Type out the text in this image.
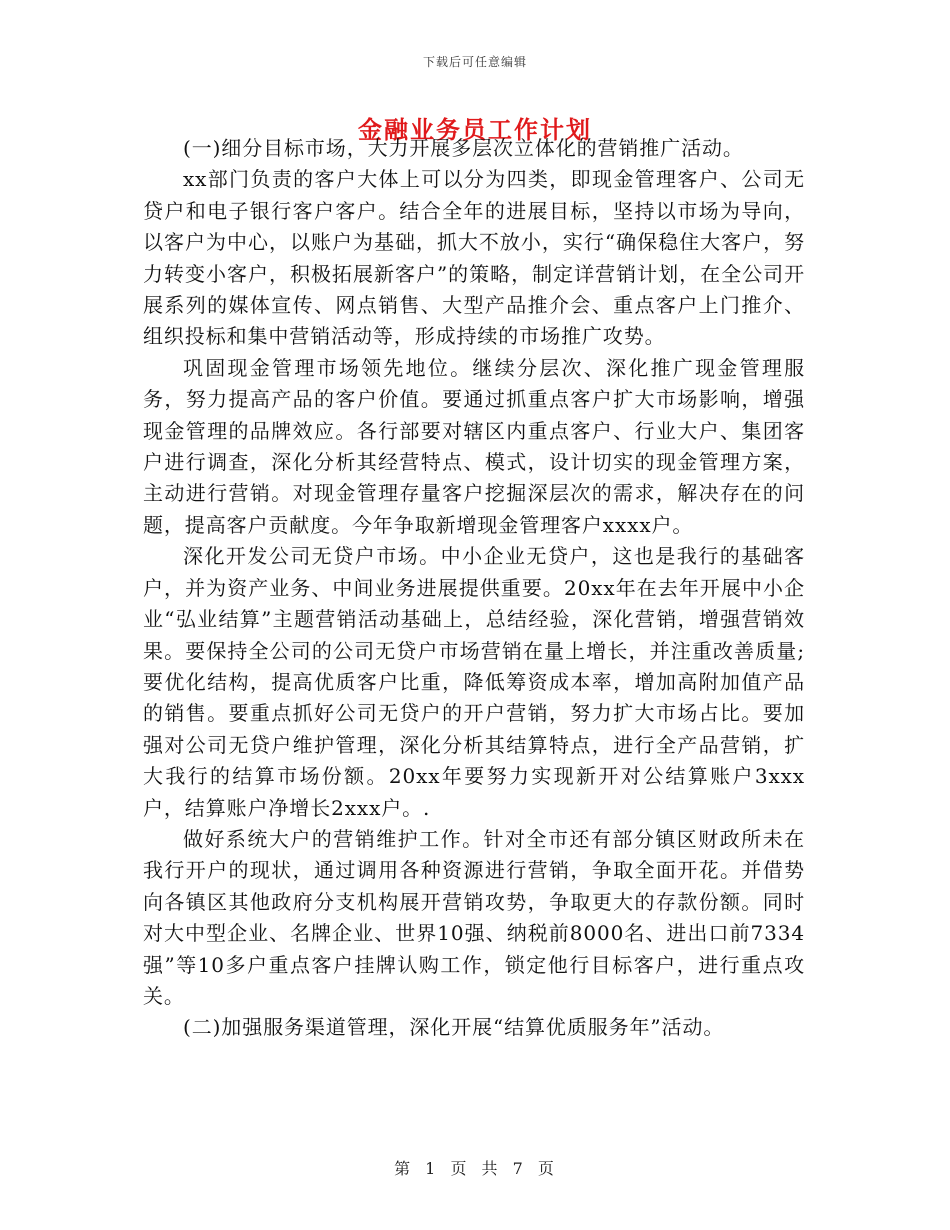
下载后可任意编辑
金融业务员工作计划

(一)细分目标市场，大力开展多层次立体化的营销推广活动。

xx部门负责的客户大体上可以分为四类，即现金管理客户、公司无贷户和电子银行客户客户。结合全年的进展目标，坚持以市场为导向，以客户为中心，以账户为基础，抓大不放小，实行“确保稳住大客户，努力转变小客户，积极拓展新客户”的策略，制定详营销计划，在全公司开展系列的媒体宣传、网点销售、大型产品推介会、重点客户上门推介、组织投标和集中营销活动等，形成持续的市场推广攻势。

巩固现金管理市场领先地位。继续分层次、深化推广现金管理服务，努力提高产品的客户价值。要通过抓重点客户扩大市场影响，增强现金管理的品牌效应。各行部要对辖区内重点客户、行业大户、集团客户进行调查，深化分析其经营特点、模式，设计切实的现金管理方案，主动进行营销。对现金管理存量客户挖掘深层次的需求，解决存在的问题，提高客户贡献度。今年争取新增现金管理客户xxxx户。

深化开发公司无贷户市场。中小企业无贷户，这也是我行的基础客户，并为资产业务、中间业务进展提供重要。20xx年在去年开展中小企业“弘业结算”主题营销活动基础上，总结经验，深化营销，增强营销效果。要保持全公司的公司无贷户市场营销在量上增长，并注重改善质量;要优化结构，提高优质客户比重，降低筹资成本率，增加高附加值产品的销售。要重点抓好公司无贷户的开户营销，努力扩大市场占比。要加强对公司无贷户维护管理，深化分析其结算特点，进行全产品营销，扩大我行的结算市场份额。20xx年要努力实现新开对公结算账户3xxx户，结算账户净增长2xxx户。.

做好系统大户的营销维护工作。针对全市还有部分镇区财政所未在我行开户的现状，通过调用各种资源进行营销，争取全面开花。并借势向各镇区其他政府分支机构展开营销攻势，争取更大的存款份额。同时对大中型企业、名牌企业、世界10强、纳税前8000名、进出口前7334强”等10多户重点客户挂牌认购工作，锁定他行目标客户，进行重点攻关。

(二)加强服务渠道管理，深化开展“结算优质服务年”活动。

第 1 页 共 7 页
